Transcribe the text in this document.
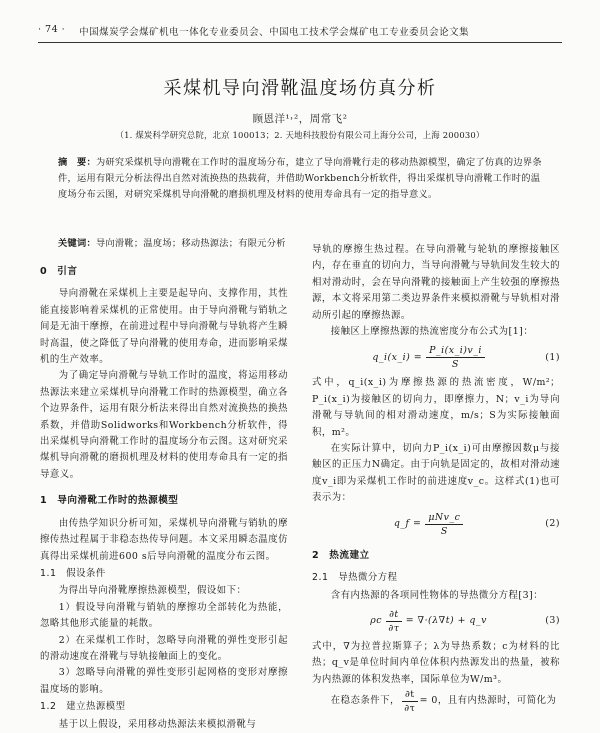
· 74 · 中国煤炭学会煤矿机电一体化专业委员会、中国电工技术学会煤矿电工专业委员会论文集
采煤机导向滑靴温度场仿真分析
顾恩洋¹˒²，周常飞²
（1. 煤炭科学研究总院，北京 100013；2. 天地科技股份有限公司上海分公司，上海 200030）
摘　要：为研究采煤机导向滑靴在工作时的温度场分布，建立了导向滑靴行走的移动热源模型，确定了仿真的边界条件，运用有限元分析法得出自然对流换热的热载荷，并借助Workbench分析软件，得出采煤机导向滑靴工作时的温度场分布云图，对研究采煤机导向滑靴的磨损机理及材料的使用寿命具有一定的指导意义。
关键词：导向滑靴；温度场；移动热源法；有限元分析
0　引言

导向滑靴在采煤机上主要是起导向、支撑作用，其性能直接影响着采煤机的正常使用。由于导向滑靴与销轨之间是无油干摩擦，在前进过程中导向滑靴与导轨将产生瞬时高温，使之降低了导向滑靴的使用寿命，进而影响采煤机的生产效率。

为了确定导向滑靴与导轨工作时的温度，将运用移动热源法来建立采煤机导向滑靴工作时的热源模型，确立各个边界条件，运用有限分析法来得出自然对流换热的换热系数，并借助Solidworks和Workbench分析软件，得出采煤机导向滑靴工作时的温度场分布云图。这对研究采煤机导向滑靴的磨损机理及材料的使用寿命具有一定的指导意义。

1　导向滑靴工作时的热源模型

由传热学知识分析可知，采煤机导向滑靴与销轨的摩擦传热过程属于非稳态热传导问题。本文采用瞬态温度仿真得出采煤机前进600 s后导向滑靴的温度分布云图。

1.1　假设条件

为得出导向滑靴摩擦热源模型，假设如下：

1）假设导向滑靴与销轨的摩擦功全部转化为热能，忽略其他形式能量的耗散。

2）在采煤机工作时，忽略导向滑靴的弹性变形引起的滑动速度在滑靴与导轨接触面上的变化。

3）忽略导向滑靴的弹性变形引起网格的变形对摩擦温度场的影响。

1.2　建立热源模型

基于以上假设，采用移动热源法来模拟滑靴与

导轨的摩擦生热过程。在导向滑靴与轮轨的摩擦接触区内，存在垂直的切向力，当导向滑靴与导轨间发生较大的相对滑动时，会在导向滑靴的接触面上产生较强的摩擦热源，本文将采用第二类边界条件来模拟滑靴与导轨相对滑动所引起的摩擦热源。

接触区上摩擦热源的热流密度分布公式为[1]：

q_i(x_i) = $\frac{P\_i(x\_i)v\_i}{S}$	(1)

式中，q_i(x_i)为摩擦热源的热流密度，W/m²；P_i(x_i)为接触区的切向力，即摩擦力，N；v_i为导向滑靴与导轨间的相对滑动速度，m/s；S为实际接触面积，m²。

在实际计算中，切向力P_i(x_i)可由摩擦因数μ与接触区的正压力N确定。由于向轨是固定的，故相对滑动速度v_i即为采煤机工作时的前进速度v_c。这样式(1)也可表示为：

q_f = $\frac{\text{μNv\_c}}{S}$	(2)
2　热流建立
2.1　导热微分方程

含有内热源的各项同性物体的导热微分方程[3]：

ρc $\frac{\partial t}{\partial\tau} = \nabla\cdot(\lambda\nabla t)$ + q_v	(3)

式中，∇为拉普拉斯算子；λ为导热系数；c为材料的比热；q_v是单位时间内单位体积内热源发出的热量，被称为内热源的体积发热率，国际单位为W/m³。

在稳态条件下， $\frac{\partial t}{\partial\tau} = 0$，且有内热源时，可简化为
